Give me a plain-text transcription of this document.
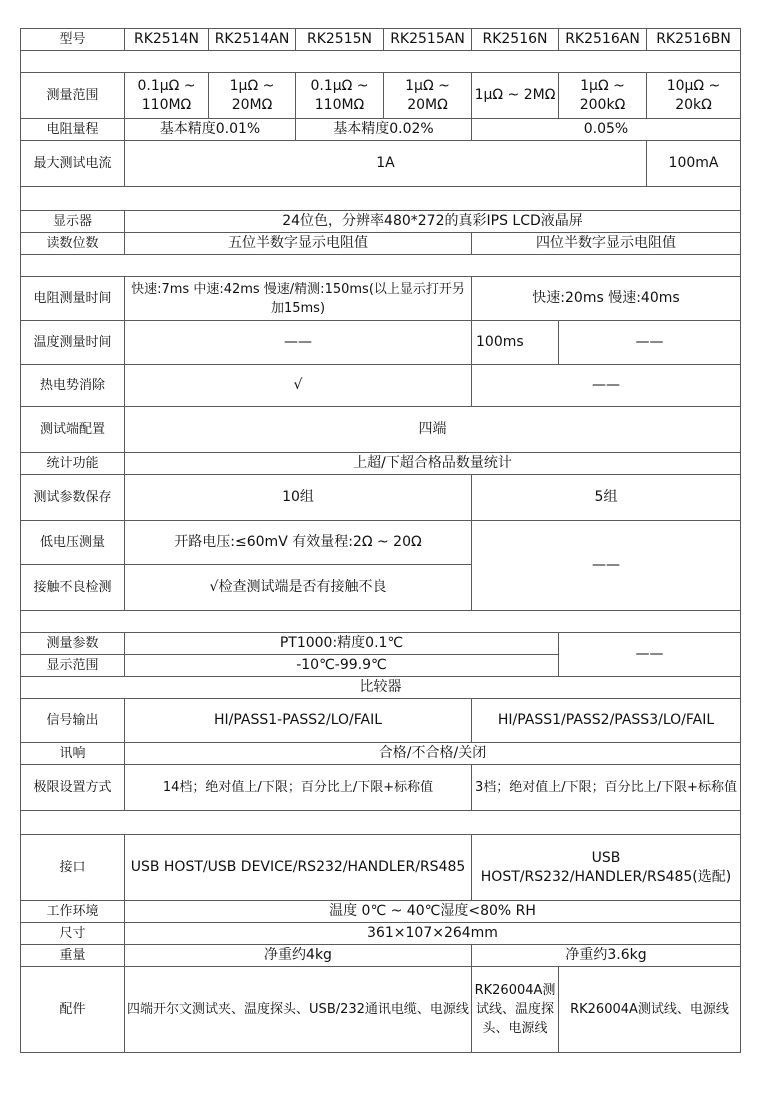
型号	RK2514N	RK2514AN	RK2515N	RK2515AN	RK2516N	RK2516AN	RK2516BN

测量范围	0.1μΩ ~ 110MΩ	1μΩ ~ 20MΩ	0.1μΩ ~ 110MΩ	1μΩ ~ 20MΩ	1μΩ ~ 2MΩ	1μΩ ~ 200kΩ	10μΩ ~ 20kΩ
电阻量程	基本精度0.01%		基本精度0.02%		0.05%		
最大测试电流	1A						100mA

显示器	24位色，分辨率480*272的真彩IPS LCD液晶屏						
读数位数	五位半数字显示电阻值				四位半数字显示电阻值		

电阻测量时间	快速:7ms 中速:42ms 慢速/精测:150ms(以上显示打开另加15ms)				快速:20ms 慢速:40ms		
温度测量时间	——				100ms	——	
热电势消除	√				——		
测试端配置	四端						
统计功能	上超/下超合格品数量统计						
测试参数保存	10组				5组		
低电压测量	开路电压:≤60mV 有效量程:2Ω ~ 20Ω				——		
接触不良检测	√检查测试端是否有接触不良						

测量参数	PT1000:精度0.1℃					——	
显示范围	-10℃-99.9℃						
比较器							
信号输出	HI/PASS1-PASS2/LO/FAIL				HI/PASS1/PASS2/PASS3/LO/FAIL		
讯响	合格/不合格/关闭						
极限设置方式	14档；绝对值上/下限；百分比上/下限+标称值				3档；绝对值上/下限；百分比上/下限+标称值		

接口	USB HOST/USB DEVICE/RS232/HANDLER/RS485				USB HOST/RS232/HANDLER/RS485(选配)		
工作环境	温度 0℃ ~ 40℃湿度<80% RH						
尺寸	361×107×264mm						
重量	净重约4kg				净重约3.6kg		
配件	四端开尔文测试夹、温度探头、USB/232通讯电缆、电源线				RK26004A测试线、温度探头、电源线	RK26004A测试线、电源线	
